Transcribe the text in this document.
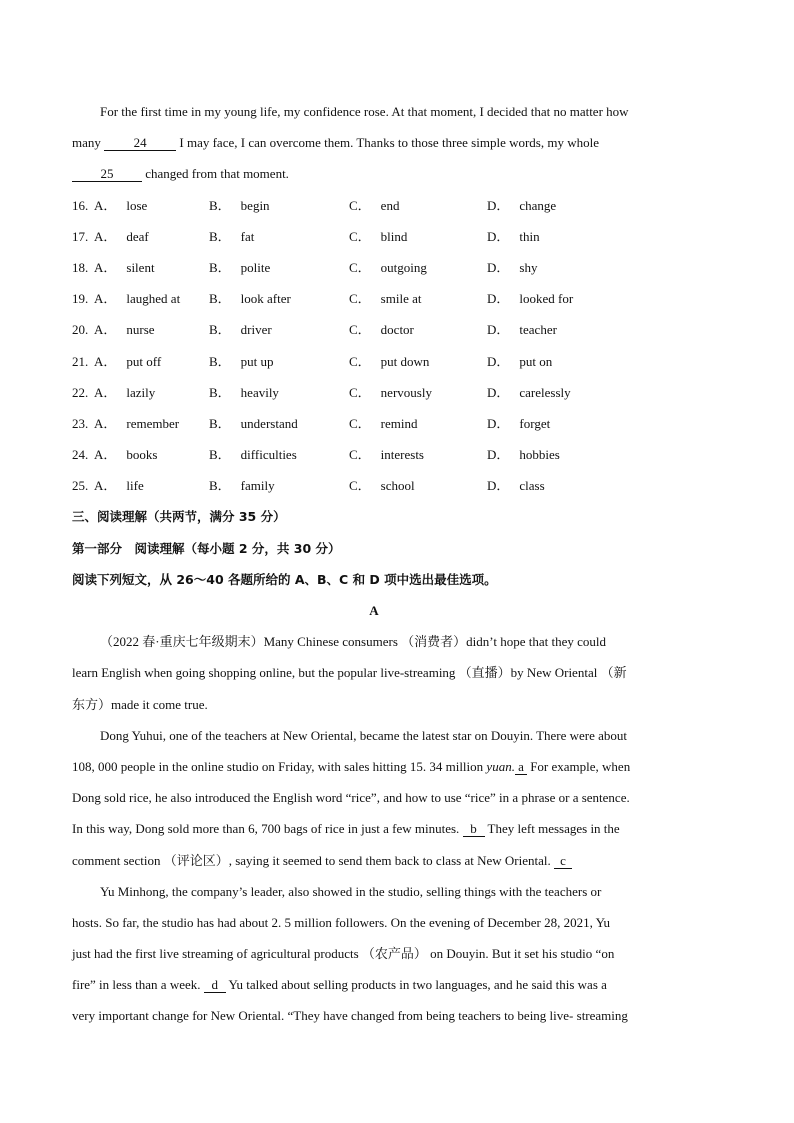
For the first time in my young life, my confidence rose. At that moment, I decided that no matter how
many 24 I may face, I can overcome them. Thanks to those three simple words, my whole
25 changed from that moment.
16. A． lose	B． begin	C． end	D． change
17. A． deaf	B． fat	C． blind	D． thin
18. A． silent	B． polite	C． outgoing	D． shy
19. A． laughed at B． look after	C． smile at	D． looked for
20. A． nurse	B． driver	C． doctor	D． teacher
21. A． put off	B． put up	C． put down	D． put on
22. A． lazily	B． heavily	C． nervously	D． carelessly
23. A． remember B． understand	C． remind	D． forget
24. A． books	B． difficulties	C． interests	D． hobbies
25. A． life	B． family	C． school	D． class
三、阅读理解（共两节，满分 35 分）
第一部分　阅读理解（每小题 2 分，共 30 分）
阅读下列短文，从 26～40 各题所给的 A、B、C 和 D 项中选出最佳选项。
A
（2022 春·重庆七年级期末）Many Chinese consumers （消费者）didn’t hope that they could
learn English when going shopping online, but the popular live-streaming （直播）by New Oriental （新
东方）made it come true.
Dong Yuhui, one of the teachers at New Oriental, became the latest star on Douyin. There were about
108, 000 people in the online studio on Friday, with sales hitting 15. 34 million yuan. a For example, when
Dong sold rice, he also introduced the English word “rice”, and how to use “rice” in a phrase or a sentence.
In this way, Dong sold more than 6, 700 bags of rice in just a few minutes. b They left messages in the
comment section （评论区）, saying it seemed to send them back to class at New Oriental. c
Yu Minhong, the company’s leader, also showed in the studio, selling things with the teachers or
hosts. So far, the studio has had about 2. 5 million followers. On the evening of December 28, 2021, Yu
just had the first live streaming of agricultural products （农产品） on Douyin. But it set his studio “on
fire” in less than a week. d Yu talked about selling products in two languages, and he said this was a
very important change for New Oriental. “They have changed from being teachers to being live- streaming
